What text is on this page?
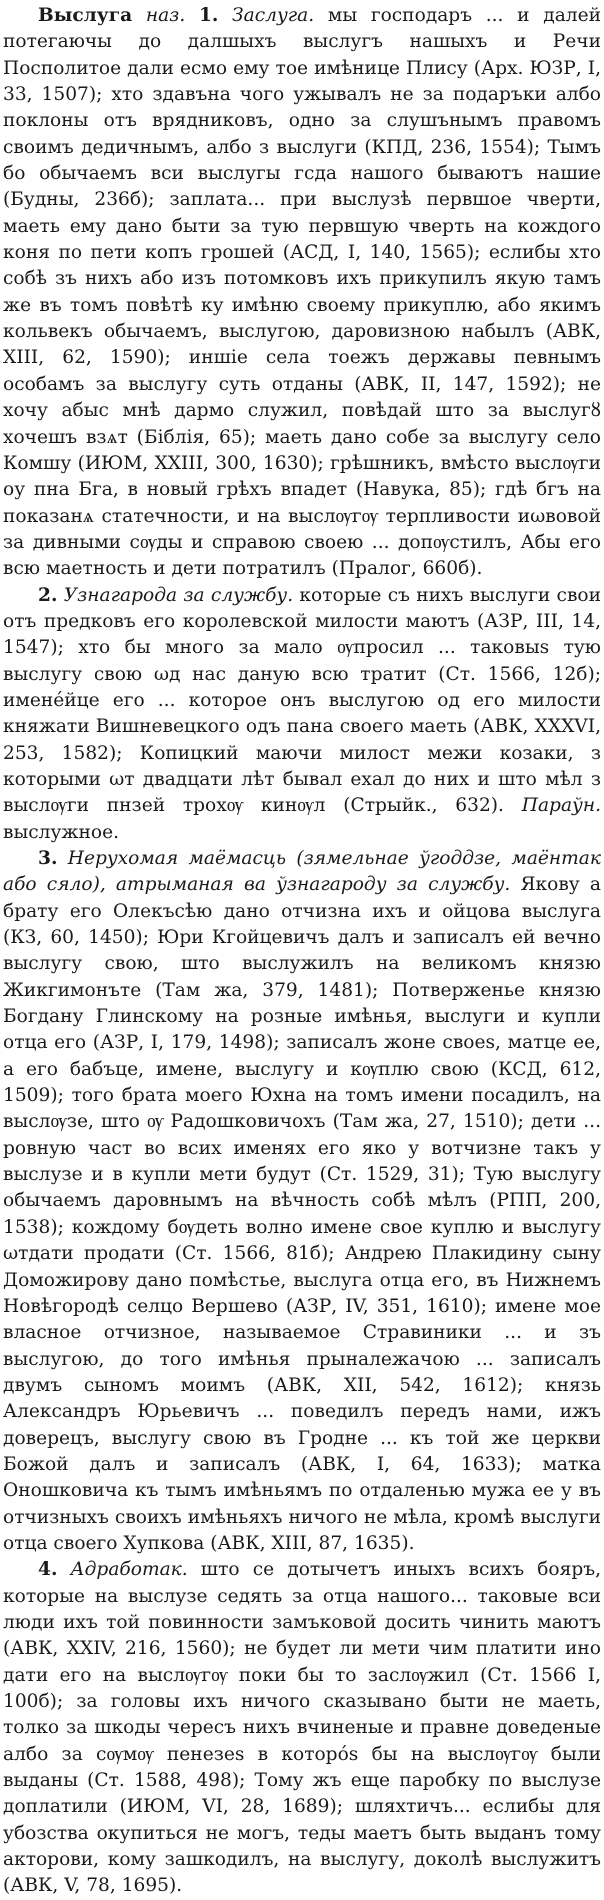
Выслуга наз. 1. Заслуга. мы господаръ ... и далей потегаючы до далшыхъ выслугъ нашыхъ и Речи Посполитое дали есмо ему тое имѣнице Плису (Арх. ЮЗР, I, 33, 1507); хто здавъна чого ужывалъ не за подаръки албо поклоны отъ врядниковъ, одно за слушънымъ правомъ своимъ дедичнымъ, албо з выслуги (КПД, 236, 1554); Тымъ бо обычаемъ вси выслугы гсда нашого бываютъ нашие (Будны, 236б); заплата... при выслузѣ первшое чверти, маеть ему дано быти за тую первшую чверть на кождого коня по пети копъ грошей (АСД, I, 140, 1565); еслибы хто собѣ зъ нихъ або изъ потомковъ ихъ прикупилъ якую тамъ же въ томъ повѣтѣ ку имѣню своему прикуплю, або якимъ кольвекъ обычаемъ, выслугою, даровизною набылъ (АВК, XIII, 62, 1590); иншіе села тоежъ державы певнымъ особамъ за выслугу суть отданы (АВК, II, 147, 1592); не хочу абыс мнѣ дармо служил, повѣдай што за выслугȣ хочешъ взѧт (Біблія, 65); маеть дано собе за выслугу село Комшу (ИЮМ, XXIII, 300, 1630); грѣшникъ, вмѣсто выслѹги оу пна Бга, в новый грѣхъ впадет (Навука, 85); гдѣ бгъ на показанѧ статечности, и на выслѹгѹ терпливости иωвовой за дивными сѹды и справою своею ... допѹстилъ, Абы его всю маетность и дети потратилъ (Пралог, 660б).

2. Узнагарода за службу. которые съ нихъ выслуги свои отъ предковъ его королевской милости маютъ (АЗР, III, 14, 1547); хто бы много за мало ѹпросил ... таковыѕ тую выслугу свою ωд нас даную всю тратит (Ст. 1566, 12б); имене́йце его ... которое онъ выслугою од его милости княжати Вишневецкого одъ пана своего маеть (АВК, XXXVI, 253, 1582); Копицкий маючи милост межи козаки, з которыми ωт двадцати лѣт бывал ехал до них и што мѣл з выслѹги пнзей трохѹ кинѹл (Стрыйк., 632). Параўн. выслужное.

3. Нерухомая маёмасць (зямельнае ўгоддзе, маёнтак або сяло), атрыманая ва ўзнагароду за службу. Якову а брату его Олекъсѣю дано отчизна ихъ и ойцова выслуга (КЗ, 60, 1450); Юри Кгойцевичъ далъ и записалъ ей вечно выслугу свою, што выслужилъ на великомъ князю Жикгимонъте (Там жа, 379, 1481); Потверженье князю Богдану Глинскому на розные имѣнья, выслуги и купли отца его (АЗР, I, 179, 1498); записалъ жоне своеѕ, матце ее, а его бабъце, имене, выслугу и кѹплю свою (КСД, 612, 1509); того брата моего Юхна на томъ имени посадилъ, на выслѹзе, што ѹ Радошковичохъ (Там жа, 27, 1510); дети ... ровную част во всих именях его яко у вотчизне такъ у выслузе и в купли мети будут (Ст. 1529, 31); Тую выслугу обычаемъ даровнымъ на вѣчность собѣ мѣлъ (РПП, 200, 1538); кождому бѹдеть волно имене свое куплю и выслугу ωтдати продати (Ст. 1566, 81б); Андрею Плакидину сыну Доможирову дано помѣстье, выслуга отца его, въ Нижнемъ Новѣгородѣ селцо Вершево (АЗР, IV, 351, 1610); имене мое власное отчизное, называемое Стравиники ... и зъ выслугою, до того имѣнья прыналежачою ... записалъ двумъ сыномъ моимъ (АВК, XII, 542, 1612); князь Александръ Юрьевичъ ... поведилъ передъ нами, ижъ доверецъ, выслугу свою въ Гродне ... къ той же церкви Божой далъ и записалъ (АВК, I, 64, 1633); матка Оношковича къ тымъ имѣньямъ по отдаленью мужа ее у въ отчизныхъ своихъ имѣньяхъ ничого не мѣла, кромѣ выслуги отца своего Хупкова (АВК, XIII, 87, 1635).

4. Адработак. што се дотычетъ иныхъ всихъ бояръ, которые на выслузе седять за отца нашого... таковые вси люди ихъ той повинности замъковой досить чинить маютъ (АВК, XXIV, 216, 1560); не будет ли мети чим платити ино дати его на выслѹгѹ поки бы то заслѹжил (Ст. 1566 I, 100б); за головы ихъ ничого сказывано быти не маеть, толко за шкоды чересъ нихъ вчиненые и правне доведеные албо за сѹмѹ пенезеѕ в которо́ѕ бы на выслѹгѹ были выданы (Ст. 1588, 498); Тому жъ еще паробку по выслузе доплатили (ИЮМ, VI, 28, 1689); шляхтичъ... еслибы для убозства окупиться не могъ, теды маетъ быть выданъ тому акторови, кому зашкодилъ, на выслугу, доколѣ выслужитъ (АВК, V, 78, 1695).
